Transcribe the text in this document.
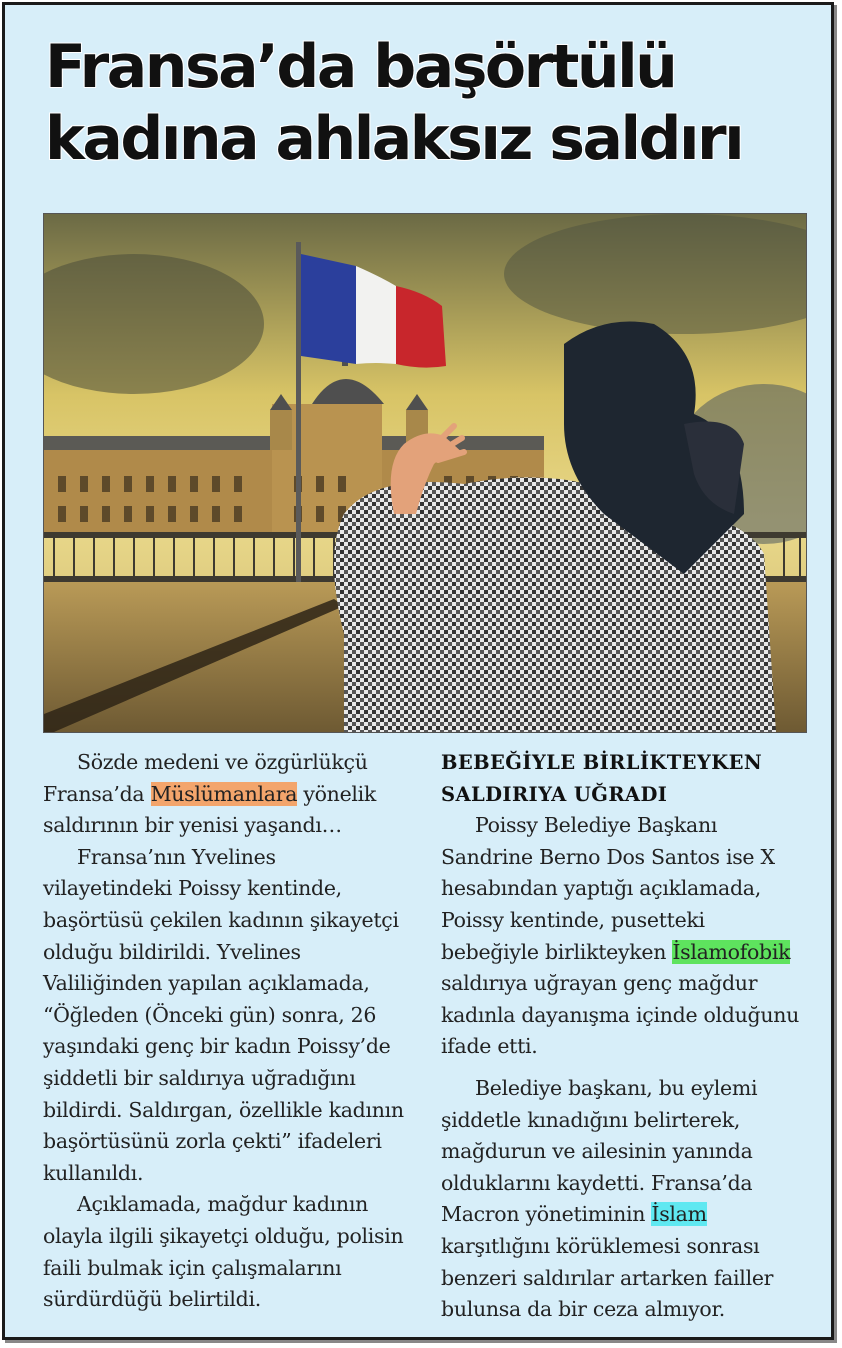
Fransa’da başörtülü
kadına ahlaksız saldırı

Sözde medeni ve özgürlükçü Fransa’da Müslümanlara yönelik saldırının bir yenisi yaşandı…

Fransa’nın Yvelines vilayetindeki Poissy kentinde, başörtüsü çekilen kadının şikayetçi olduğu bildirildi. Yvelines Valiliğinden yapılan açıklamada, “Öğleden (Önceki gün) sonra, 26 yaşındaki genç bir kadın Poissy’de şiddetli bir saldırıya uğradığını bildirdi. Saldırgan, özellikle kadının başörtüsünü zorla çekti” ifadeleri kullanıldı.

Açıklamada, mağdur kadının olayla ilgili şikayetçi olduğu, polisin faili bulmak için çalışmalarını sürdürdüğü belirtildi.

BEBEĞİYLE BİRLİKTEYKEN SALDIRIYA UĞRADI

Poissy Belediye Başkanı Sandrine Berno Dos Santos ise X hesabından yaptığı açıklamada, Poissy kentinde, pusetteki bebeğiyle birlikteyken İslamofobik saldırıya uğrayan genç mağdur kadınla dayanışma içinde olduğunu ifade etti.

Belediye başkanı, bu eylemi şiddetle kınadığını belirterek, mağdurun ve ailesinin yanında olduklarını kaydetti. Fransa’da Macron yönetiminin İslam karşıtlığını körüklemesi sonrası benzeri saldırılar artarken failler bulunsa da bir ceza almıyor.
